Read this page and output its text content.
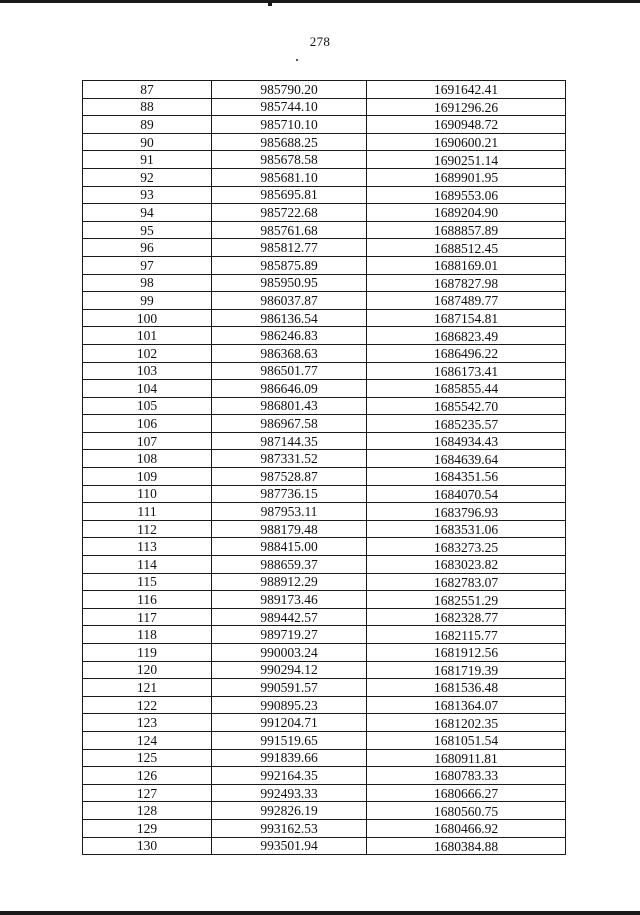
278
87	985790.20	1691642.41
88	985744.10	1691296.26
89	985710.10	1690948.72
90	985688.25	1690600.21
91	985678.58	1690251.14
92	985681.10	1689901.95
93	985695.81	1689553.06
94	985722.68	1689204.90
95	985761.68	1688857.89
96	985812.77	1688512.45
97	985875.89	1688169.01
98	985950.95	1687827.98
99	986037.87	1687489.77
100	986136.54	1687154.81
101	986246.83	1686823.49
102	986368.63	1686496.22
103	986501.77	1686173.41
104	986646.09	1685855.44
105	986801.43	1685542.70
106	986967.58	1685235.57
107	987144.35	1684934.43
108	987331.52	1684639.64
109	987528.87	1684351.56
110	987736.15	1684070.54
111	987953.11	1683796.93
112	988179.48	1683531.06
113	988415.00	1683273.25
114	988659.37	1683023.82
115	988912.29	1682783.07
116	989173.46	1682551.29
117	989442.57	1682328.77
118	989719.27	1682115.77
119	990003.24	1681912.56
120	990294.12	1681719.39
121	990591.57	1681536.48
122	990895.23	1681364.07
123	991204.71	1681202.35
124	991519.65	1681051.54
125	991839.66	1680911.81
126	992164.35	1680783.33
127	992493.33	1680666.27
128	992826.19	1680560.75
129	993162.53	1680466.92
130	993501.94	1680384.88
